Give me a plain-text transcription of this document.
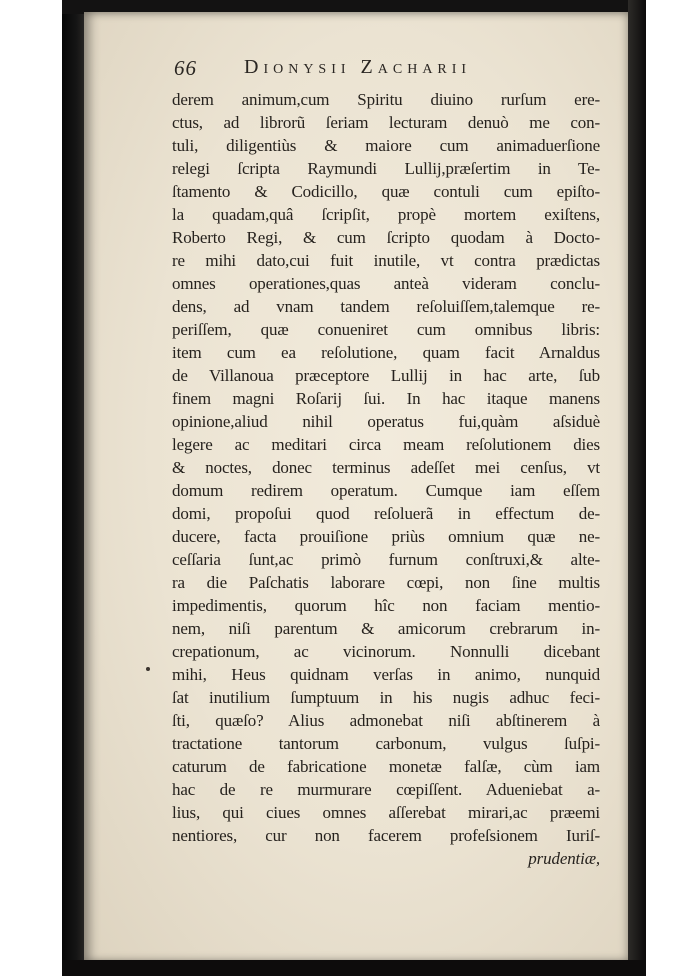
66 Dionysii Zacharii
derem animum,cum Spiritu diuino rurſum ere-
ctus, ad librorũ ſeriam lecturam denuò me con-
tuli, diligentiùs & maiore cum animaduerſione
relegi ſcripta Raymundi Lullij,præſertim in Te-
ſtamento & Codicillo, quæ contuli cum epiſto-
la quadam,quâ ſcripſit, propè mortem exiſtens,
Roberto Regi, & cum ſcripto quodam à Docto-
re mihi dato,cui fuit inutile, vt contra prædictas
omnes operationes,quas anteà videram conclu-
dens, ad vnam tandem reſoluiſſem,talemque re-
periſſem, quæ conueniret cum omnibus libris:
item cum ea reſolutione, quam facit Arnaldus
de Villanoua præceptore Lullij in hac arte, ſub
finem magni Roſarij ſui. In hac itaque manens
opinione,aliud nihil operatus fui,quàm aſsiduè
legere ac meditari circa meam reſolutionem dies
& noctes, donec terminus adeſſet mei cenſus, vt
domum redirem operatum. Cumque iam eſſem
domi, propoſui quod reſoluerã in effectum de-
ducere, facta prouiſione priùs omnium quæ ne-
ceſſaria ſunt,ac primò furnum conſtruxi,& alte-
ra die Paſchatis laborare cœpi, non ſine multis
impedimentis, quorum hîc non faciam mentio-
nem, niſi parentum & amicorum crebrarum in-
crepationum, ac vicinorum. Nonnulli dicebant
mihi, Heus quidnam verſas in animo, nunquid
ſat inutilium ſumptuum in his nugis adhuc feci-
ſti, quæſo? Alius admonebat niſi abſtinerem à
tractatione tantorum carbonum, vulgus ſuſpi-
caturum de fabricatione monetæ falſæ, cùm iam
hac de re murmurare cœpiſſent. Adueniebat a-
lius, qui ciues omnes aſſerebat mirari,ac præemi
nentiores, cur non facerem profeſsionem Iuriſ-
prudentiæ,
